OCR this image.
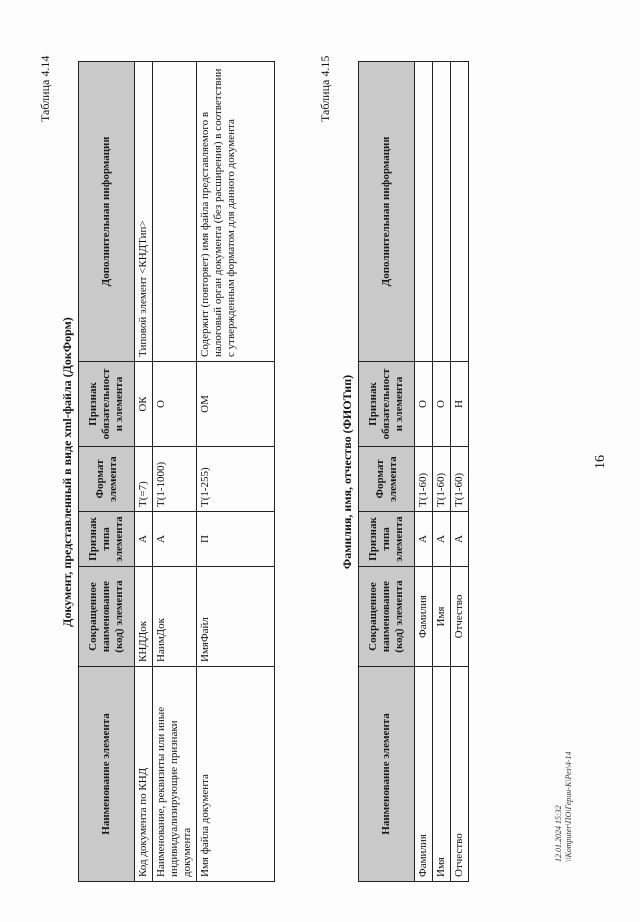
16
Таблица 4.14
Документ, представленный в виде xml-файла (ДокФорм)
Наименование элемента	Сокращенное наименование (код) элемента	Признак типа элемента	Формат элемента	Признак обязательности элемента	Дополнительная информация
Код документа по КНД	КНДДок	А	T(=7)	ОК	Типовой элемент <КНДТип>
Наименование, реквизиты или иные индивидуализирующие признаки документа	НаимДок	А	T(1-1000)	О	
Имя файла документа	ИмяФайл	П	T(1-255)	ОМ	Содержит (повторяет) имя файла представляемого в налоговый орган документа (без расширения) в соответствии с утвержденным форматом для данного документа
Таблица 4.15
Фамилия, имя, отчество (ФИОТип)
Наименование элемента	Сокращенное наименование (код) элемента	Признак типа элемента	Формат элемента	Признак обязательности элемента	Дополнительная информация
Фамилия	Фамилия	А	T(1-60)	О	
Имя	Имя	А	T(1-60)	О	
Отчество	Отчество	А	T(1-60)	Н	
12.01.2024 15:32 \\Komputer\ПО\Герин-К\Рез\4-14
